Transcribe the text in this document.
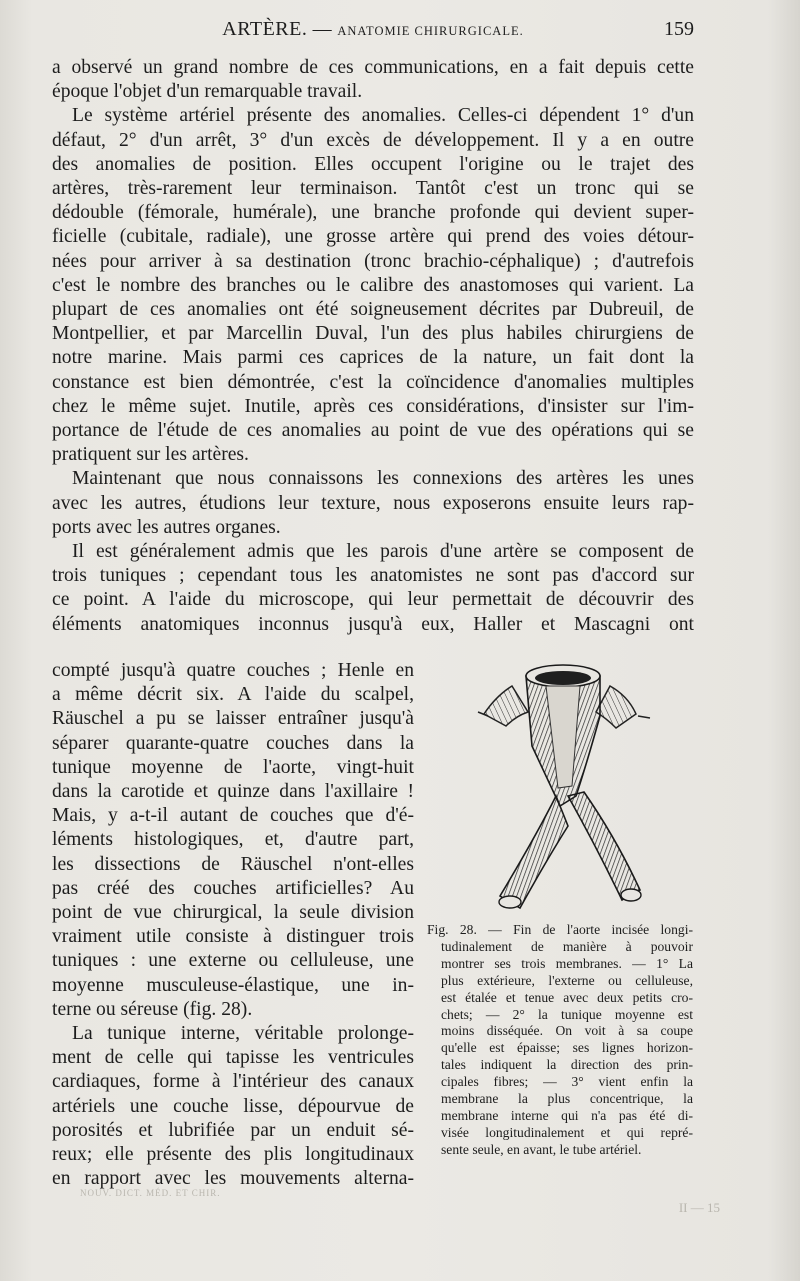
ARTÈRE. — ANATOMIE CHIRURGICALE.	159
a observé un grand nombre de ces communications, en a fait depuis cette
époque l'objet d'un remarquable travail.
Le système artériel présente des anomalies. Celles-ci dépendent 1° d'un
défaut, 2° d'un arrêt, 3° d'un excès de développement. Il y a en outre
des anomalies de position. Elles occupent l'origine ou le trajet des
artères, très-rarement leur terminaison. Tantôt c'est un tronc qui se
dédouble (fémorale, humérale), une branche profonde qui devient super-
ficielle (cubitale, radiale), une grosse artère qui prend des voies détour-
nées pour arriver à sa destination (tronc brachio-céphalique) ; d'autrefois
c'est le nombre des branches ou le calibre des anastomoses qui varient. La
plupart de ces anomalies ont été soigneusement décrites par Dubreuil, de
Montpellier, et par Marcellin Duval, l'un des plus habiles chirurgiens de
notre marine. Mais parmi ces caprices de la nature, un fait dont la
constance est bien démontrée, c'est la coïncidence d'anomalies multiples
chez le même sujet. Inutile, après ces considérations, d'insister sur l'im-
portance de l'étude de ces anomalies au point de vue des opérations qui se
pratiquent sur les artères.
Maintenant que nous connaissons les connexions des artères les unes
avec les autres, étudions leur texture, nous exposerons ensuite leurs rap-
ports avec les autres organes.
Il est généralement admis que les parois d'une artère se composent de
trois tuniques ; cependant tous les anatomistes ne sont pas d'accord sur
ce point. A l'aide du microscope, qui leur permettait de découvrir des
éléments anatomiques inconnus jusqu'à eux, Haller et Mascagni ont
compté jusqu'à quatre couches ; Henle en
a même décrit six. A l'aide du scalpel,
Räuschel a pu se laisser entraîner jusqu'à
séparer quarante-quatre couches dans la
tunique moyenne de l'aorte, vingt-huit
dans la carotide et quinze dans l'axillaire !
Mais, y a-t-il autant de couches que d'é-
léments histologiques, et, d'autre part,
les dissections de Räuschel n'ont-elles
pas créé des couches artificielles? Au
point de vue chirurgical, la seule division
vraiment utile consiste à distinguer trois
tuniques : une externe ou celluleuse, une
moyenne musculeuse-élastique, une in-
terne ou séreuse (fig. 28).
La tunique interne, véritable prolonge-
ment de celle qui tapisse les ventricules
cardiaques, forme à l'intérieur des canaux
artériels une couche lisse, dépourvue de
porosités et lubrifiée par un enduit sé-
reux; elle présente des plis longitudinaux
en rapport avec les mouvements alterna-
Fig. 28. — Fin de l'aorte incisée longi-
tudinalement de manière à pouvoir
montrer ses trois membranes. — 1° La
plus extérieure, l'externe ou celluleuse,
est étalée et tenue avec deux petits cro-
chets; — 2° la tunique moyenne est
moins disséquée. On voit à sa coupe
qu'elle est épaisse; ses lignes horizon-
tales indiquent la direction des prin-
cipales fibres; — 3° vient enfin la
membrane la plus concentrique, la
membrane interne qui n'a pas été di-
visée longitudinalement et qui repré-
sente seule, en avant, le tube artériel.
NOUV. DICT. MÉD. ET CHIR.
II — 15
